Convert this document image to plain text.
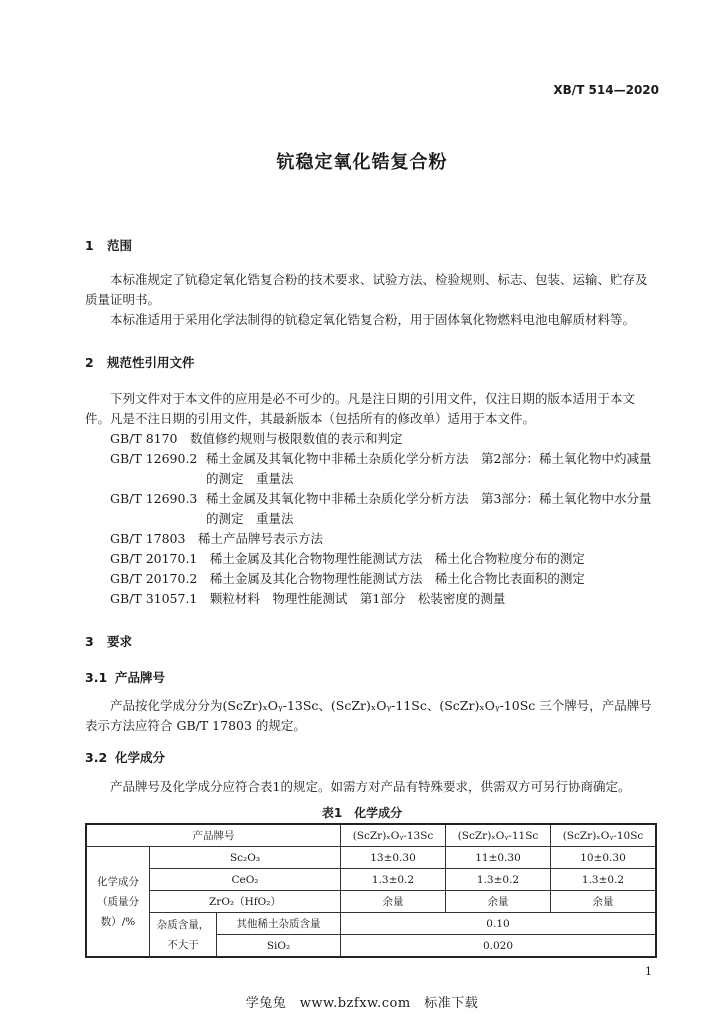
XB/T 514—2020
钪稳定氧化锆复合粉
1 范围
本标准规定了钪稳定氧化锆复合粉的技术要求、试验方法、检验规则、标志、包装、运输、贮存及质量证明书。
本标准适用于采用化学法制得的钪稳定氧化锆复合粉，用于固体氧化物燃料电池电解质材料等。
2 规范性引用文件
下列文件对于本文件的应用是必不可少的。凡是注日期的引用文件，仅注日期的版本适用于本文件。凡是不注日期的引用文件，其最新版本（包括所有的修改单）适用于本文件。
GB/T 8170　 数值修约规则与极限数值的表示和判定
GB/T 12690.2 稀土金属及其氧化物中非稀土杂质化学分析方法　第2部分：稀土氧化物中灼减量的测定　重量法
GB/T 12690.3 稀土金属及其氧化物中非稀土杂质化学分析方法　第3部分：稀土氧化物中水分量的测定　重量法
GB/T 17803　 稀土产品牌号表示方法
GB/T 20170.1　 稀土金属及其化合物物理性能测试方法　稀土化合物粒度分布的测定
GB/T 20170.2　 稀土金属及其化合物物理性能测试方法　稀土化合物比表面积的测定
GB/T 31057.1　 颗粒材料　物理性能测试　第1部分　松装密度的测量
3 要求
3.1 产品牌号
产品按化学成分分为(ScZr)ₓOᵧ-13Sc、(ScZr)ₓOᵧ-11Sc、(ScZr)ₓOᵧ-10Sc 三个牌号，产品牌号表示方法应符合 GB/T 17803 的规定。
3.2 化学成分
产品牌号及化学成分应符合表1的规定。如需方对产品有特殊要求，供需双方可另行协商确定。
表1　化学成分
产品牌号			(ScZr)ₓOᵧ-13Sc	(ScZr)ₓOᵧ-11Sc	(ScZr)ₓOᵧ-10Sc
化学成分（质量分数）/%	Sc₂O₃		13±0.30	11±0.30	10±0.30
	CeO₂		1.3±0.2	1.3±0.2	1.3±0.2
	ZrO₂（HfO₂）		余量	余量	余量
	杂质含量，不大于	其他稀土杂质含量	0.10		
		SiO₂	0.020		
1
学兔兔　www.bzfxw.com　标准下载
